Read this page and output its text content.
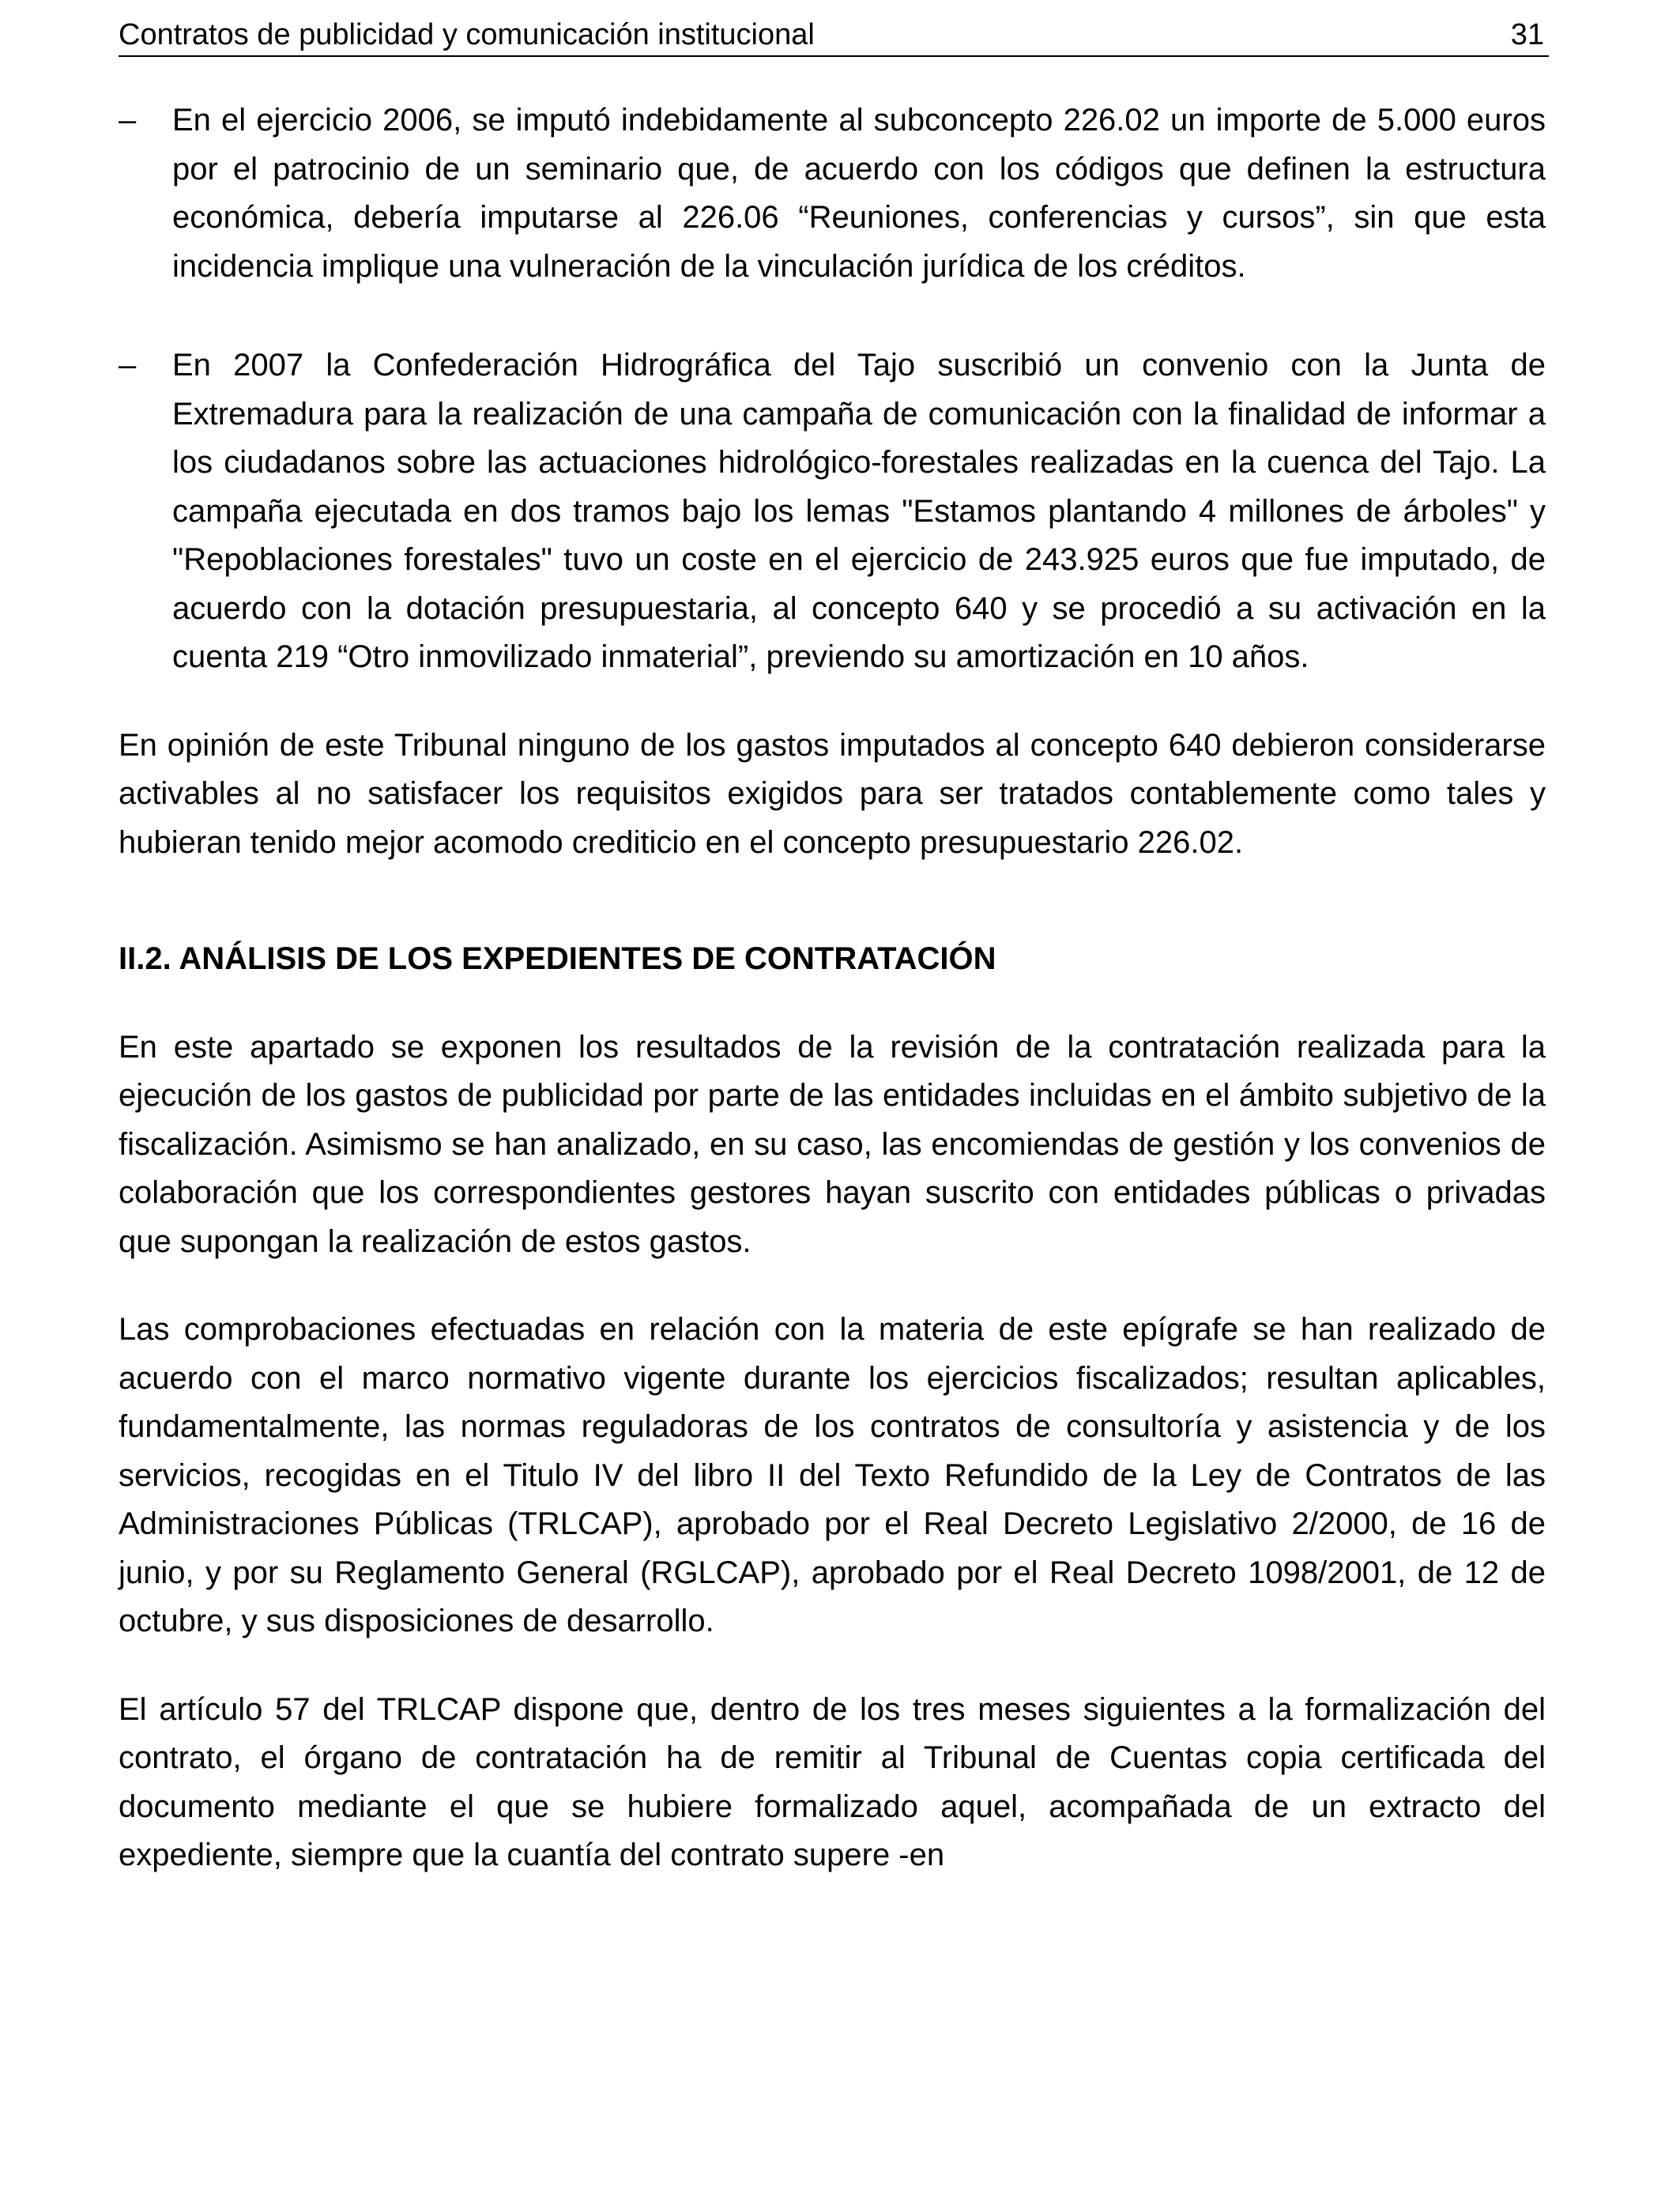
Contratos de publicidad y comunicación institucional	31
– En el ejercicio 2006, se imputó indebidamente al subconcepto 226.02 un importe de 5.000 euros por el patrocinio de un seminario que, de acuerdo con los códigos que definen la estructura económica, debería imputarse al 226.06 “Reuniones, conferencias y cursos”, sin que esta incidencia implique una vulneración de la vinculación jurídica de los créditos.
– En 2007 la Confederación Hidrográfica del Tajo suscribió un convenio con la Junta de Extremadura para la realización de una campaña de comunicación con la finalidad de informar a los ciudadanos sobre las actuaciones hidrológico-forestales realizadas en la cuenca del Tajo. La campaña ejecutada en dos tramos bajo los lemas "Estamos plantando 4 millones de árboles" y "Repoblaciones forestales" tuvo un coste en el ejercicio de 243.925 euros que fue imputado, de acuerdo con la dotación presupuestaria, al concepto 640 y se procedió a su activación en la cuenta 219 “Otro inmovilizado inmaterial”, previendo su amortización en 10 años.

En opinión de este Tribunal ninguno de los gastos imputados al concepto 640 debieron considerarse activables al no satisfacer los requisitos exigidos para ser tratados contablemente como tales y hubieran tenido mejor acomodo crediticio en el concepto presupuestario 226.02.

II.2. ANÁLISIS DE LOS EXPEDIENTES DE CONTRATACIÓN

En este apartado se exponen los resultados de la revisión de la contratación realizada para la ejecución de los gastos de publicidad por parte de las entidades incluidas en el ámbito subjetivo de la fiscalización. Asimismo se han analizado, en su caso, las encomiendas de gestión y los convenios de colaboración que los correspondientes gestores hayan suscrito con entidades públicas o privadas que supongan la realización de estos gastos.

Las comprobaciones efectuadas en relación con la materia de este epígrafe se han realizado de acuerdo con el marco normativo vigente durante los ejercicios fiscalizados; resultan aplicables, fundamentalmente, las normas reguladoras de los contratos de consultoría y asistencia y de los servicios, recogidas en el Titulo IV del libro II del Texto Refundido de la Ley de Contratos de las Administraciones Públicas (TRLCAP), aprobado por el Real Decreto Legislativo 2/2000, de 16 de junio, y por su Reglamento General (RGLCAP), aprobado por el Real Decreto 1098/2001, de 12 de octubre, y sus disposiciones de desarrollo.

El artículo 57 del TRLCAP dispone que, dentro de los tres meses siguientes a la formalización del contrato, el órgano de contratación ha de remitir al Tribunal de Cuentas copia certificada del documento mediante el que se hubiere formalizado aquel, acompañada de un extracto del expediente, siempre que la cuantía del contrato supere -en
